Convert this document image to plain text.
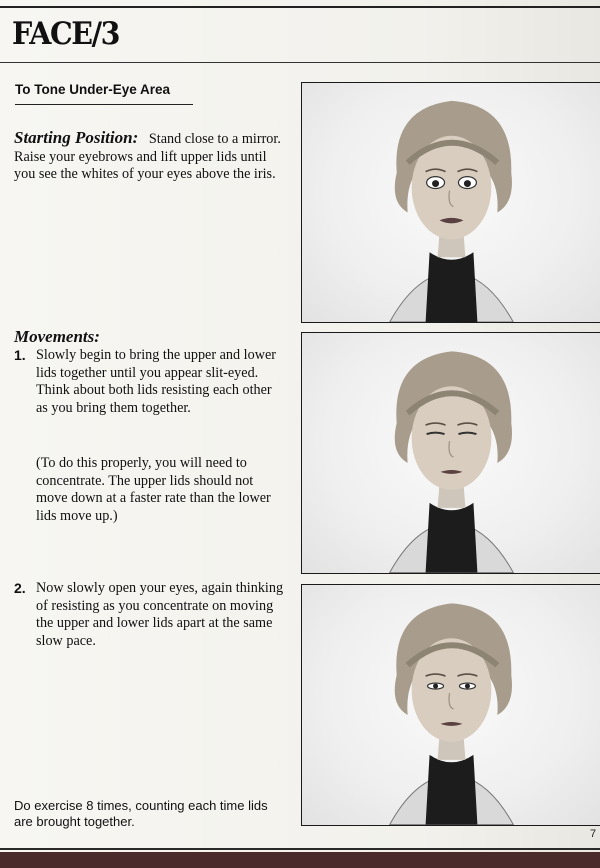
FACE/3
To Tone Under-Eye Area
Starting Position: Stand close to a mirror. Raise your eyebrows and lift upper lids until you see the whites of your eyes above the iris.
Movements:
1. Slowly begin to bring the upper and lower lids together until you appear slit-eyed. Think about both lids resisting each other as you bring them together.
(To do this properly, you will need to concentrate. The upper lids should not move down at a faster rate than the lower lids move up.)
2. Now slowly open your eyes, again thinking of resisting as you concentrate on moving the upper and lower lids apart at the same slow pace.
Do exercise 8 times, counting each time lids are brought together.
7
